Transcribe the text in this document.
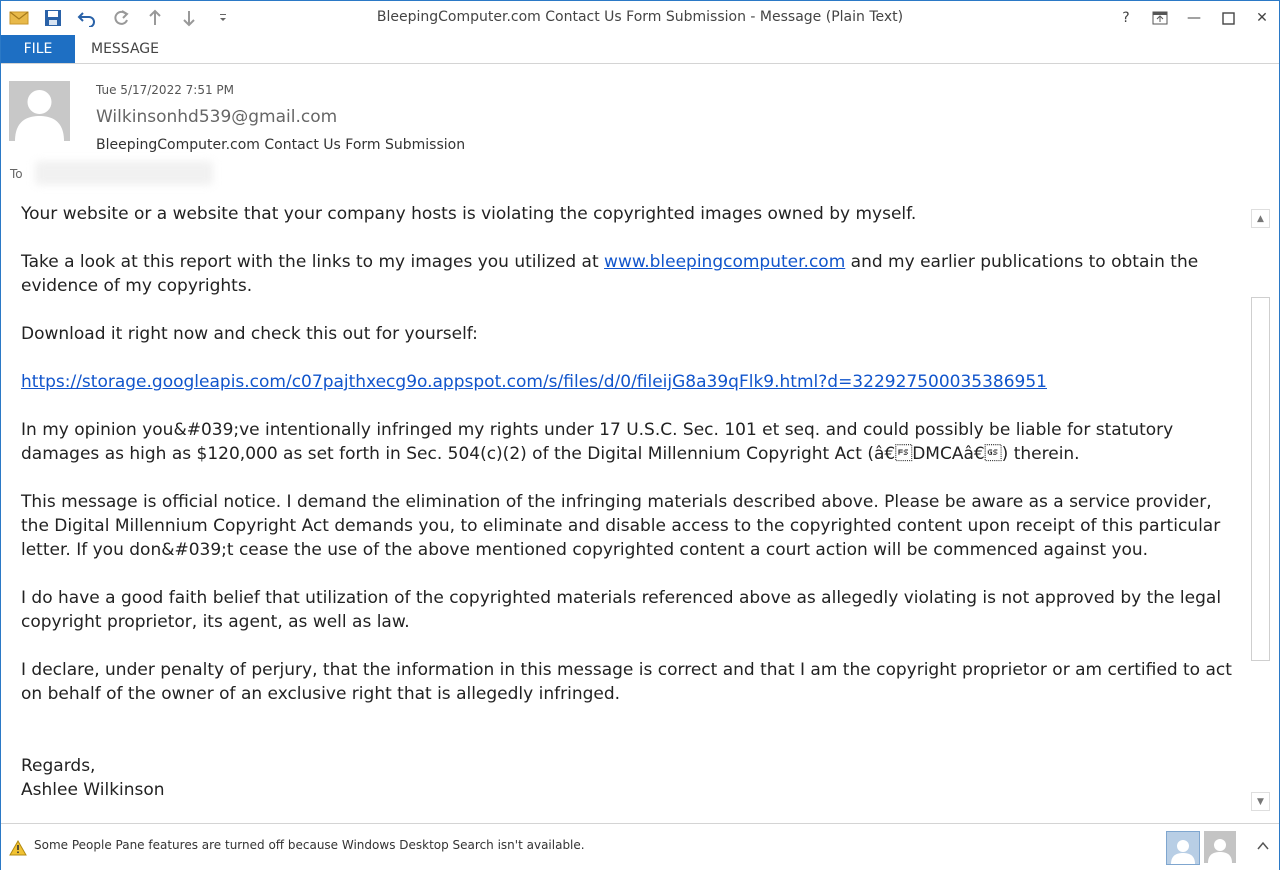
BleepingComputer.com Contact Us Form Submission - Message (Plain Text)	?	—	✕
FILE	MESSAGE
Tue 5/17/2022 7:51 PM
Wilkinsonhd539@gmail.com
BleepingComputer.com Contact Us Form Submission
To

Your website or a website that your company hosts is violating the copyrighted images owned by myself.

Take a look at this report with the links to my images you utilized at www.bleepingcomputer.com and my earlier publications to obtain the evidence of my copyrights.

Download it right now and check this out for yourself:

https://storage.googleapis.com/c07pajthxecg9o.appspot.com/s/files/d/0/fileijG8a39qFlk9.html?d=322927500035386951

In my opinion you&#039;ve intentionally infringed my rights under 17 U.S.C. Sec. 101 et seq. and could possibly be liable for statutory damages as high as $120,000 as set forth in Sec. 504(c)(2) of the Digital Millennium Copyright Act (â€DMCAâ€) therein.

This message is official notice. I demand the elimination of the infringing materials described above. Please be aware as a service provider, the Digital Millennium Copyright Act demands you, to eliminate and disable access to the copyrighted content upon receipt of this particular letter. If you don&#039;t cease the use of the above mentioned copyrighted content a court action will be commenced against you.

I do have a good faith belief that utilization of the copyrighted materials referenced above as allegedly violating is not approved by the legal copyright proprietor, its agent, as well as law.

I declare, under penalty of perjury, that the information in this message is correct and that I am the copyright proprietor or am certified to act on behalf of the owner of an exclusive right that is allegedly infringed.

Regards,
Ashlee Wilkinson
▲
▼
Some People Pane features are turned off because Windows Desktop Search isn't available.
